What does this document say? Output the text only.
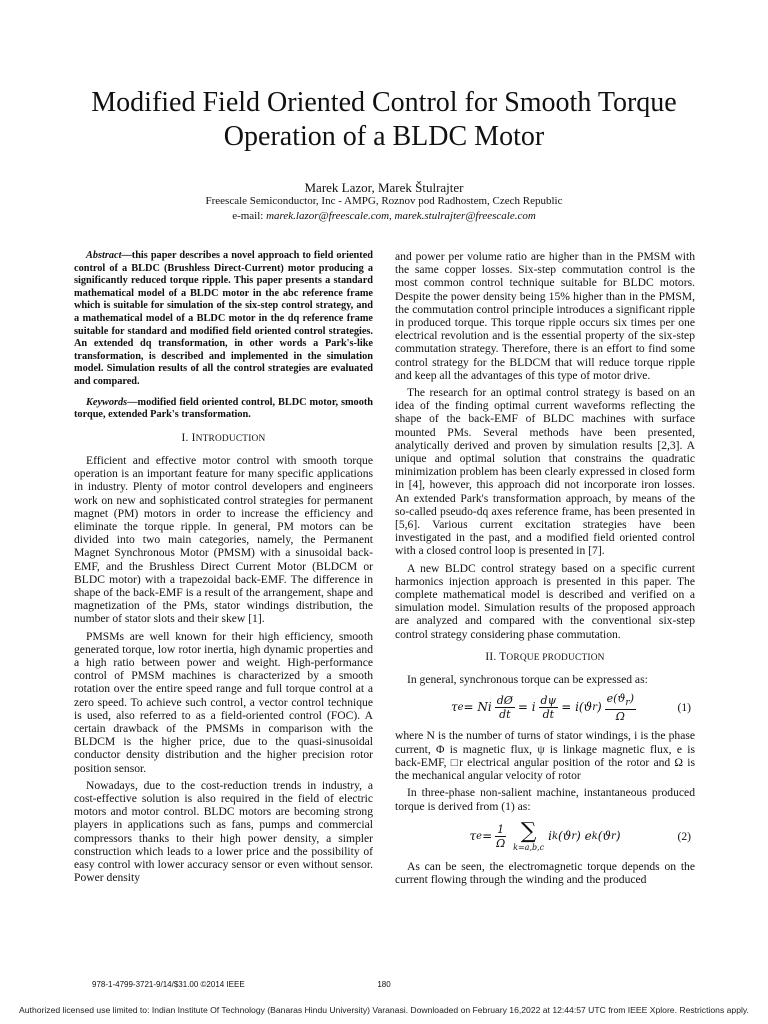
Modified Field Oriented Control for Smooth Torque Operation of a BLDC Motor
Marek Lazor, Marek Štulrajter
Freescale Semiconductor, Inc - AMPG, Roznov pod Radhostem, Czech Republic
e-mail: marek.lazor@freescale.com, marek.stulrajter@freescale.com

Abstract—this paper describes a novel approach to field oriented control of a BLDC (Brushless Direct-Current) motor producing a significantly reduced torque ripple. This paper presents a standard mathematical model of a BLDC motor in the abc reference frame which is suitable for simulation of the six-step control strategy, and a mathematical model of a BLDC motor in the dq reference frame suitable for standard and modified field oriented control strategies. An extended dq transformation, in other words a Park's-like transformation, is described and implemented in the simulation model. Simulation results of all the control strategies are evaluated and compared.

Keywords—modified field oriented control, BLDC motor, smooth torque, extended Park's transformation.

I. INTRODUCTION

Efficient and effective motor control with smooth torque operation is an important feature for many specific applications in industry. Plenty of motor control developers and engineers work on new and sophisticated control strategies for permanent magnet (PM) motors in order to increase the efficiency and eliminate the torque ripple. In general, PM motors can be divided into two main categories, namely, the Permanent Magnet Synchronous Motor (PMSM) with a sinusoidal back-EMF, and the Brushless Direct Current Motor (BLDCM or BLDC motor) with a trapezoidal back-EMF. The difference in shape of the back-EMF is a result of the arrangement, shape and magnetization of the PMs, stator windings distribution, the number of stator slots and their skew [1].

PMSMs are well known for their high efficiency, smooth generated torque, low rotor inertia, high dynamic properties and a high ratio between power and weight. High-performance control of PMSM machines is characterized by a smooth rotation over the entire speed range and full torque control at a zero speed. To achieve such control, a vector control technique is used, also referred to as a field-oriented control (FOC). A certain drawback of the PMSMs in comparison with the BLDCM is the higher price, due to the quasi-sinusoidal conductor density distribution and the higher precision rotor position sensor.

Nowadays, due to the cost-reduction trends in industry, a cost-effective solution is also required in the field of electric motors and motor control. BLDC motors are becoming strong players in applications such as fans, pumps and commercial compressors thanks to their high power density, a simpler construction which leads to a lower price and the possibility of easy control with lower accuracy sensor or even without sensor. Power density

and power per volume ratio are higher than in the PMSM with the same copper losses. Six-step commutation control is the most common control technique suitable for BLDC motors. Despite the power density being 15% higher than in the PMSM, the commutation control principle introduces a significant ripple in produced torque. This torque ripple occurs six times per one electrical revolution and is the essential property of the six-step commutation strategy. Therefore, there is an effort to find some control strategy for the BLDCM that will reduce torque ripple and keep all the advantages of this type of motor drive.

The research for an optimal control strategy is based on an idea of the finding optimal current waveforms reflecting the shape of the back-EMF of BLDC machines with surface mounted PMs. Several methods have been presented, analytically derived and proven by simulation results [2,3]. A unique and optimal solution that constrains the quadratic minimization problem has been clearly expressed in closed form in [4], however, this approach did not incorporate iron losses. An extended Park's transformation approach, by means of the so-called pseudo-dq axes reference frame, has been presented in [5,6]. Various current excitation strategies have been investigated in the past, and a modified field oriented control with a closed control loop is presented in [7].

A new BLDC control strategy based on a specific current harmonics injection approach is presented in this paper. The complete mathematical model is described and verified on a simulation model. Simulation results of the proposed approach are analyzed and compared with the conventional six-step control strategy considering phase commutation.

II. TORQUE PRODUCTION

In general, synchronous torque can be expressed as:

τ e = Ni $\frac{dØ}{dt} = i \frac{d\psi}{dt} = i(ϑ$ r ) $\frac{e(ϑ_r)}{\Omega}$	(1)

where N is the number of turns of stator windings, i is the phase current, Φ is magnetic flux, ψ is linkage magnetic flux, e is back-EMF, □r electrical angular position of the rotor and Ω is the mechanical angular velocity of rotor

In three-phase non-salient machine, instantaneous produced torque is derived from (1) as:

τ $e = \frac{1}{\Omega}$ ∑
k=a,b,c
i k (ϑ r ) e k (ϑ r )	(2)

As can be seen, the electromagnetic torque depends on the current flowing through the winding and the produced

978-1-4799-3721-9/14/$31.00 ©2014 IEEE	180
Authorized licensed use limited to: Indian Institute Of Technology (Banaras Hindu University) Varanasi. Downloaded on February 16,2022 at 12:44:57 UTC from IEEE Xplore. Restrictions apply.
